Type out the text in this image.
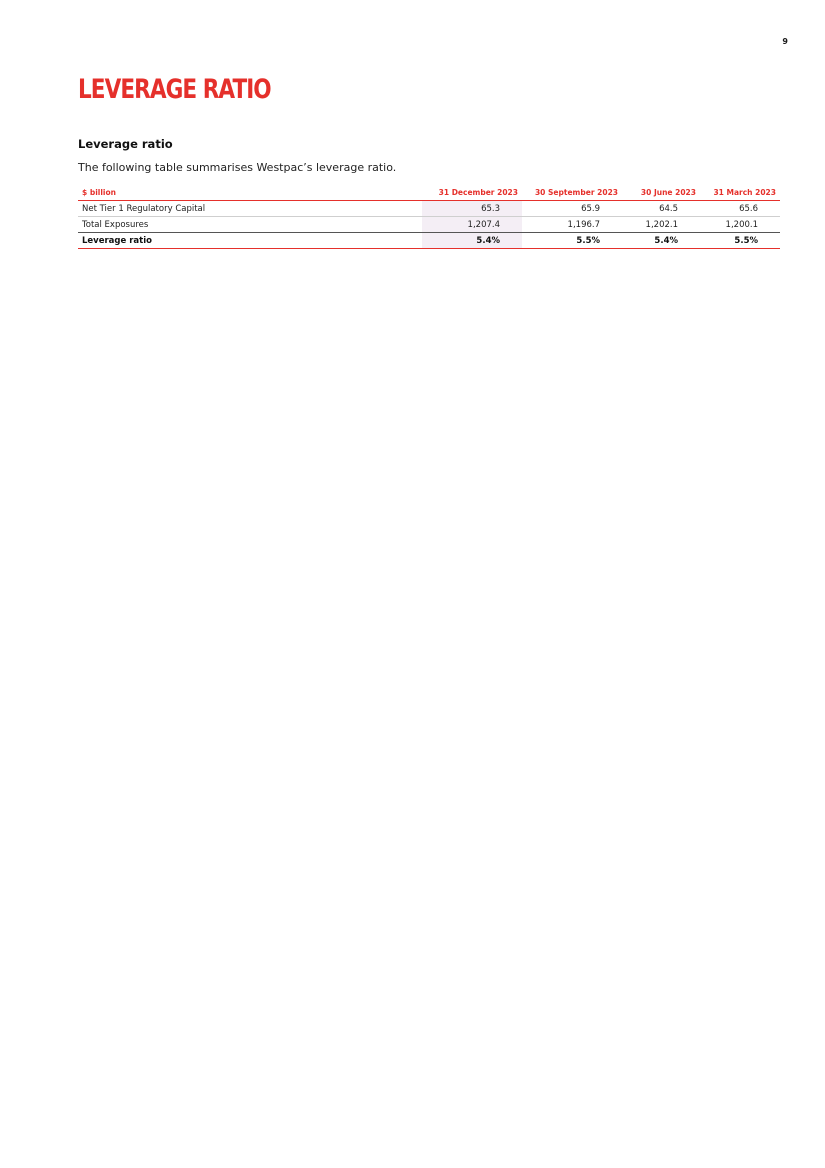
9
LEVERAGE RATIO
Leverage ratio

The following table summarises Westpac’s leverage ratio.

$ billion	31 December 2023	30 September 2023	30 June 2023	31 March 2023
Net Tier 1 Regulatory Capital	65.3	65.9	64.5	65.6
Total Exposures	1,207.4	1,196.7	1,202.1	1,200.1
Leverage ratio	5.4%	5.5%	5.4%	5.5%
